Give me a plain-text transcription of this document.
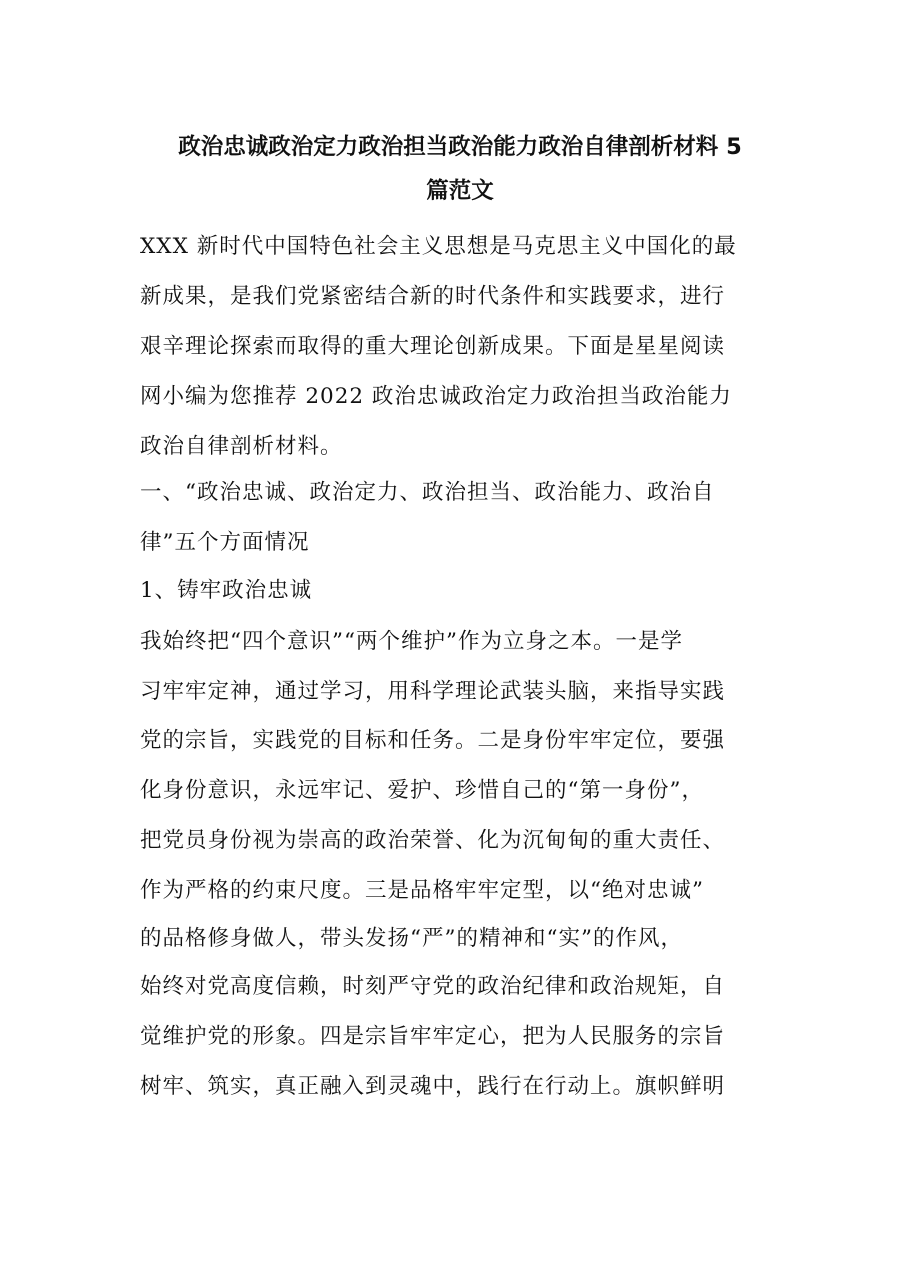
政治忠诚政治定力政治担当政治能力政治自律剖析材料 5
篇范文
XXX 新时代中国特色社会主义思想是马克思主义中国化的最
新成果，是我们党紧密结合新的时代条件和实践要求，进行
艰辛理论探索而取得的重大理论创新成果。下面是星星阅读
网小编为您推荐 2022 政治忠诚政治定力政治担当政治能力
政治自律剖析材料。
一、“政治忠诚、政治定力、政治担当、政治能力、政治自
律”五个方面情况
1、铸牢政治忠诚
我始终把“四个意识”“两个维护”作为立身之本。一是学
习牢牢定神，通过学习，用科学理论武装头脑，来指导实践
党的宗旨，实践党的目标和任务。二是身份牢牢定位，要强
化身份意识，永远牢记、爱护、珍惜自己的“第一身份”，
把党员身份视为崇高的政治荣誉、化为沉甸甸的重大责任、
作为严格的约束尺度。三是品格牢牢定型，以“绝对忠诚”
的品格修身做人，带头发扬“严”的精神和“实”的作风，
始终对党高度信赖，时刻严守党的政治纪律和政治规矩，自
觉维护党的形象。四是宗旨牢牢定心，把为人民服务的宗旨
树牢、筑实，真正融入到灵魂中，践行在行动上。旗帜鲜明
